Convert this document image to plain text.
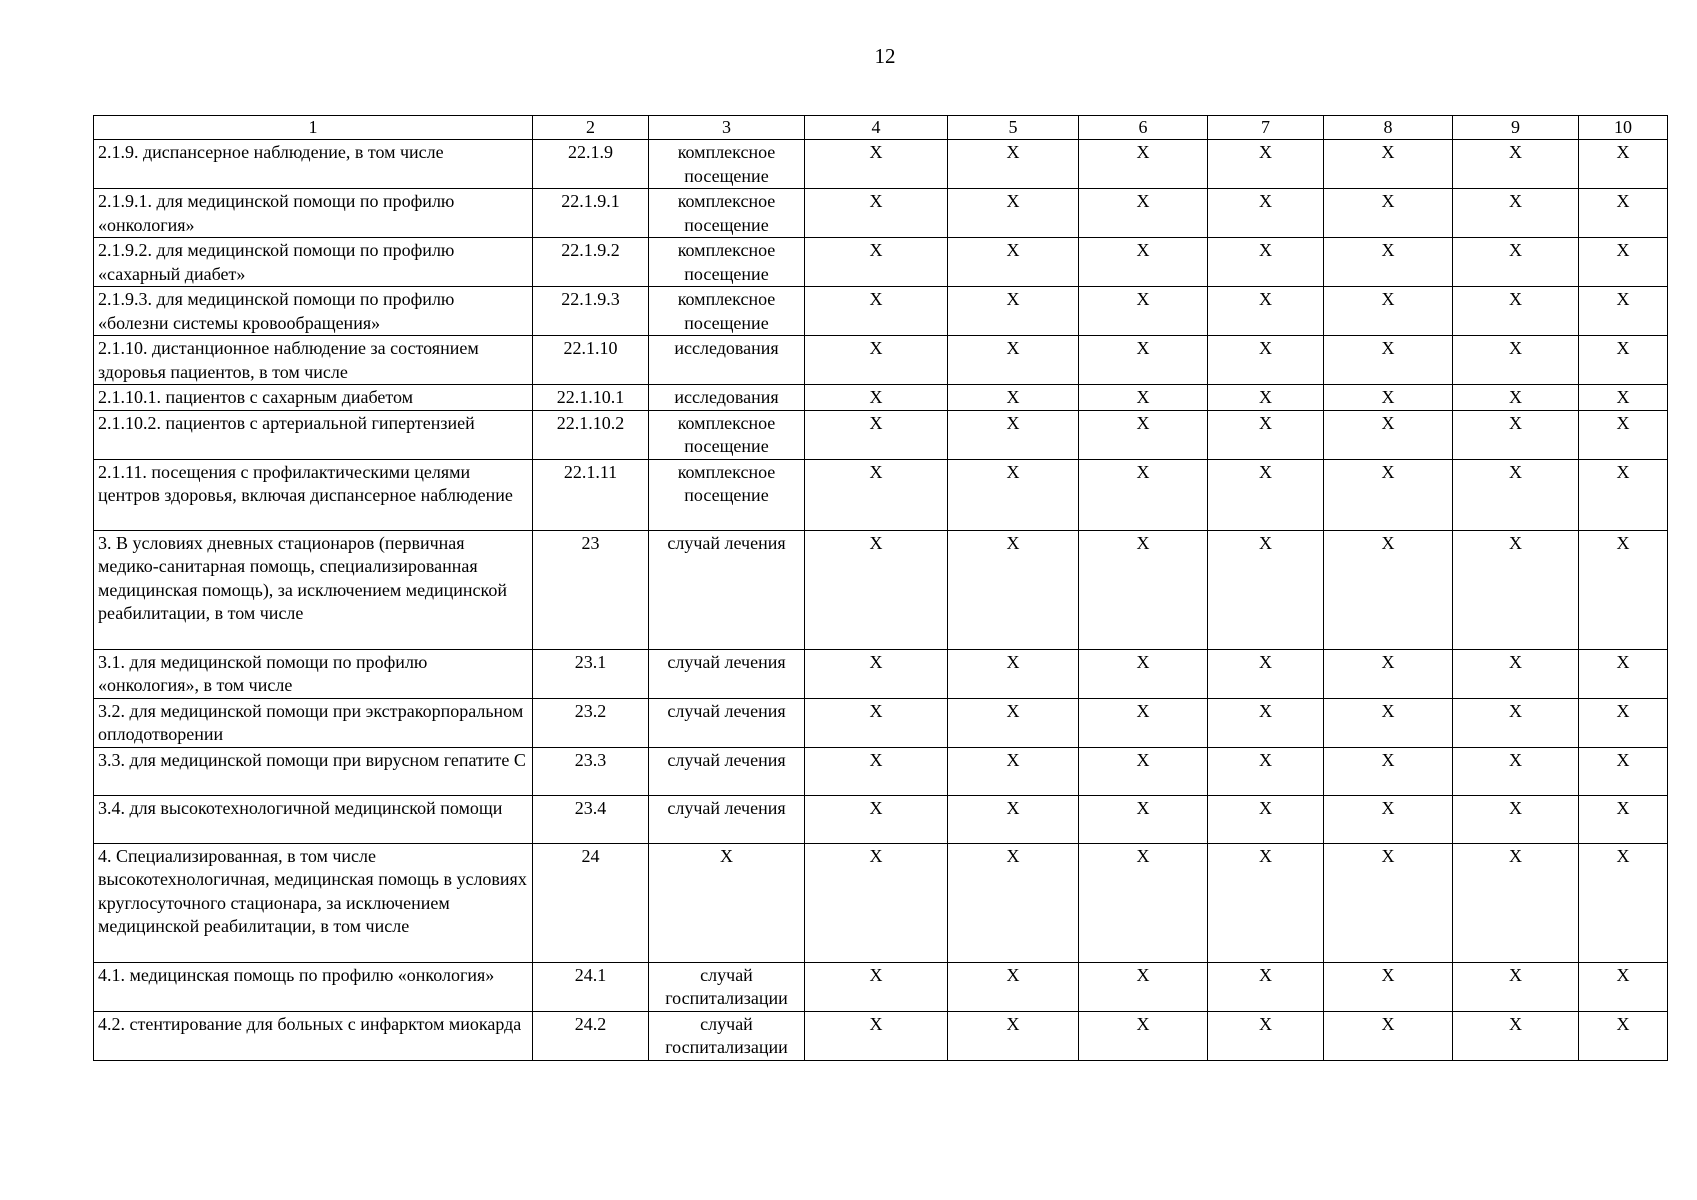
12
1	2	3	4	5	6	7	8	9	10
2.1.9. диспансерное наблюдение, в том числе	22.1.9	комплексное посещение	X	X	X	X	X	X	X
2.1.9.1. для медицинской помощи по профилю «онкология»	22.1.9.1	комплексное посещение	X	X	X	X	X	X	X
2.1.9.2. для медицинской помощи по профилю «сахарный диабет»	22.1.9.2	комплексное посещение	X	X	X	X	X	X	X
2.1.9.3. для медицинской помощи по профилю «болезни системы кровообращения»	22.1.9.3	комплексное посещение	X	X	X	X	X	X	X
2.1.10. дистанционное наблюдение за состоянием здоровья пациентов, в том числе	22.1.10	исследования	X	X	X	X	X	X	X
2.1.10.1. пациентов с сахарным диабетом	22.1.10.1	исследования	X	X	X	X	X	X	X
2.1.10.2. пациентов с артериальной гипертензией	22.1.10.2	комплексное посещение	X	X	X	X	X	X	X
2.1.11. посещения с профилактическими целями центров здоровья, включая диспансерное наблюдение	22.1.11	комплексное посещение	X	X	X	X	X	X	X
3. В условиях дневных стационаров (первичная медико-санитарная помощь, специализированная медицинская помощь), за исключением медицинской реабилитации, в том числе	23	случай лечения	X	X	X	X	X	X	X
3.1. для медицинской помощи по профилю «онкология», в том числе	23.1	случай лечения	X	X	X	X	X	X	X
3.2. для медицинской помощи при экстракорпоральном оплодотворении	23.2	случай лечения	X	X	X	X	X	X	X
3.3. для медицинской помощи при вирусном гепатите С	23.3	случай лечения	X	X	X	X	X	X	X
3.4. для высокотехнологичной медицинской помощи	23.4	случай лечения	X	X	X	X	X	X	X
4. Специализированная, в том числе высокотехнологичная, медицинская помощь в условиях круглосуточного стационара, за исключением медицинской реабилитации, в том числе	24	X	X	X	X	X	X	X	X
4.1. медицинская помощь по профилю «онкология»	24.1	случай госпитализации	X	X	X	X	X	X	X
4.2. стентирование для больных с инфарктом миокарда	24.2	случай госпитализации	X	X	X	X	X	X	X
